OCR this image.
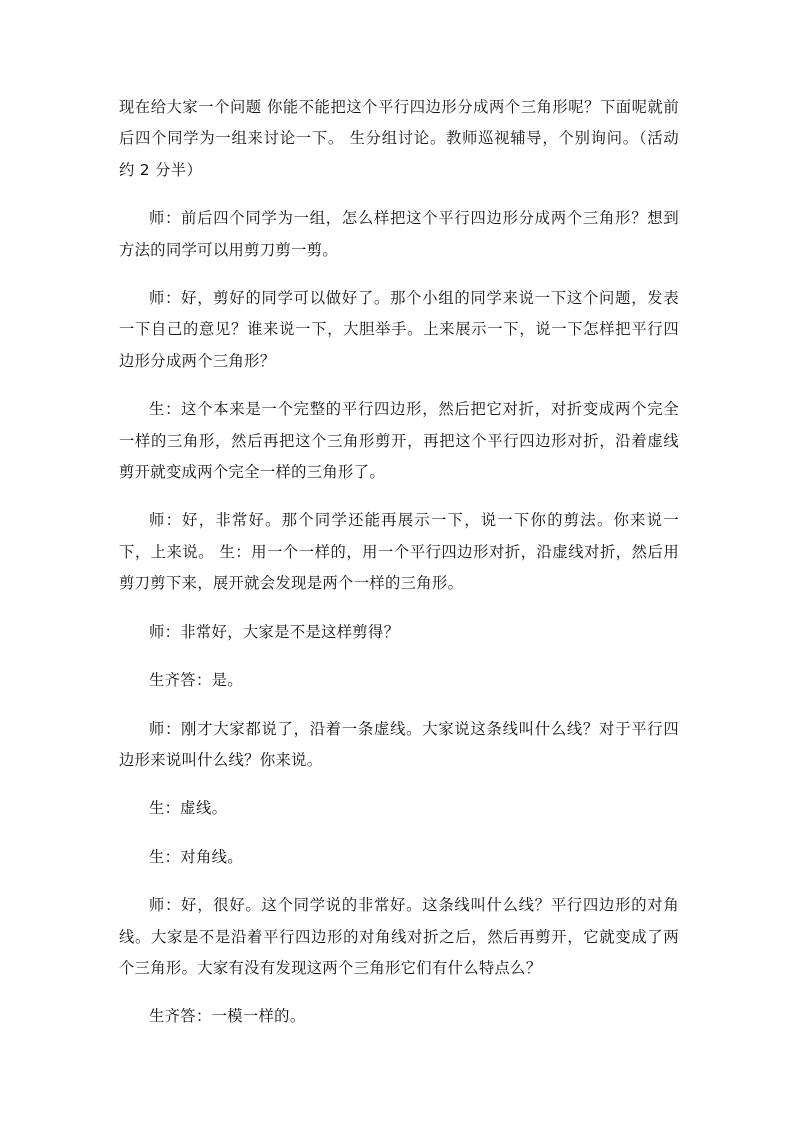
现在给大家一个问题 你能不能把这个平行四边形分成两个三角形呢？下面呢就前后四个同学为一组来讨论一下。 生分组讨论。教师巡视辅导，个别询问。（活动约 2 分半）

师：前后四个同学为一组，怎么样把这个平行四边形分成两个三角形？想到方法的同学可以用剪刀剪一剪。

师：好，剪好的同学可以做好了。那个小组的同学来说一下这个问题，发表一下自己的意见？谁来说一下，大胆举手。上来展示一下，说一下怎样把平行四边形分成两个三角形？

生：这个本来是一个完整的平行四边形，然后把它对折，对折变成两个完全一样的三角形，然后再把这个三角形剪开，再把这个平行四边形对折，沿着虚线剪开就变成两个完全一样的三角形了。

师：好，非常好。那个同学还能再展示一下，说一下你的剪法。你来说一下，上来说。 生：用一个一样的，用一个平行四边形对折，沿虚线对折，然后用剪刀剪下来，展开就会发现是两个一样的三角形。

师：非常好，大家是不是这样剪得？

生齐答：是。

师：刚才大家都说了，沿着一条虚线。大家说这条线叫什么线？对于平行四边形来说叫什么线？你来说。

生：虚线。

生：对角线。

师：好，很好。这个同学说的非常好。这条线叫什么线？平行四边形的对角线。大家是不是沿着平行四边形的对角线对折之后，然后再剪开，它就变成了两个三角形。大家有没有发现这两个三角形它们有什么特点么？

生齐答：一模一样的。
